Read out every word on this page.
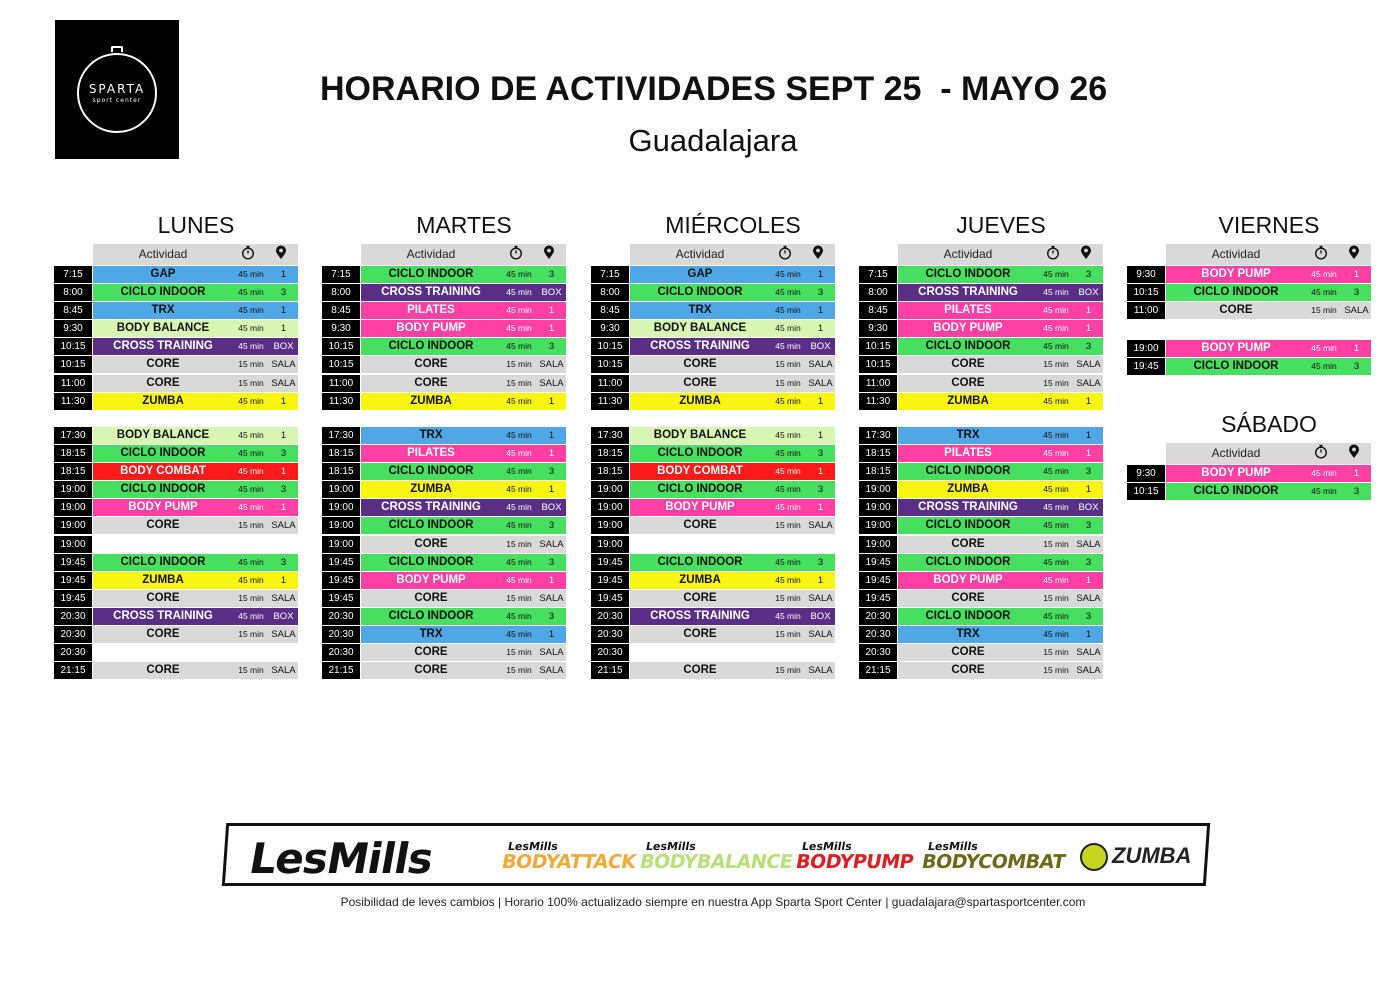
SPARTA
sport center	HORARIO DE ACTIVIDADES SEPT 25  - MAYO 26
Guadalajara
LUNES
Actividad
7:15	GAP	45 min	1
8:00	CICLO INDOOR	45 min	3
8:45	TRX	45 min	1
9:30	BODY BALANCE	45 min	1
10:15	CROSS TRAINING	45 min	BOX
10:15	CORE	15 min SALA
11:00	CORE	15 min SALA
11:30	ZUMBA	45 min	1
17:30	BODY BALANCE	45 min	1
18:15	CICLO INDOOR	45 min	3
18:15	BODY COMBAT	45 min	1
19:00	CICLO INDOOR	45 min	3
19:00	BODY PUMP	45 min	1
19:00	CORE	15 min SALA
19:00
19:45	CICLO INDOOR	45 min	3
19:45	ZUMBA	45 min	1
19:45	CORE	15 min SALA
20:30	CROSS TRAINING	45 min	BOX
20:30	CORE	15 min SALA
20:30
21:15	CORE	15 min SALA
MARTES
Actividad
7:15	CICLO INDOOR	45 min	3
8:00	CROSS TRAINING	45 min	BOX
8:45	PILATES	45 min	1
9:30	BODY PUMP	45 min	1
10:15	CICLO INDOOR	45 min	3
10:15	CORE	15 min SALA
11:00	CORE	15 min SALA
11:30	ZUMBA	45 min	1
17:30	TRX	45 min	1
18:15	PILATES	45 min	1
18:15	CICLO INDOOR	45 min	3
19:00	ZUMBA	45 min	1
19:00	CROSS TRAINING	45 min	BOX
19:00	CICLO INDOOR	45 min	3
19:00	CORE	15 min SALA
19:45	CICLO INDOOR	45 min	3
19:45	BODY PUMP	45 min	1
19:45	CORE	15 min SALA
20:30	CICLO INDOOR	45 min	3
20:30	TRX	45 min	1
20:30	CORE	15 min SALA
21:15	CORE	15 min SALA
MIÉRCOLES
Actividad
7:15	GAP	45 min	1
8:00	CICLO INDOOR	45 min	3
8:45	TRX	45 min	1
9:30	BODY BALANCE	45 min	1
10:15	CROSS TRAINING	45 min	BOX
10:15	CORE	15 min SALA
11:00	CORE	15 min SALA
11:30	ZUMBA	45 min	1
17:30	BODY BALANCE	45 min	1
18:15	CICLO INDOOR	45 min	3
18:15	BODY COMBAT	45 min	1
19:00	CICLO INDOOR	45 min	3
19:00	BODY PUMP	45 min	1
19:00	CORE	15 min SALA
19:00
19:45	CICLO INDOOR	45 min	3
19:45	ZUMBA	45 min	1
19:45	CORE	15 min SALA
20:30	CROSS TRAINING	45 min	BOX
20:30	CORE	15 min SALA
20:30
21:15	CORE	15 min SALA
JUEVES
Actividad
7:15	CICLO INDOOR	45 min	3
8:00	CROSS TRAINING	45 min	BOX
8:45	PILATES	45 min	1
9:30	BODY PUMP	45 min	1
10:15	CICLO INDOOR	45 min	3
10:15	CORE	15 min SALA
11:00	CORE	15 min SALA
11:30	ZUMBA	45 min	1
17:30	TRX	45 min	1
18:15	PILATES	45 min	1
18:15	CICLO INDOOR	45 min	3
19:00	ZUMBA	45 min	1
19:00	CROSS TRAINING	45 min	BOX
19:00	CICLO INDOOR	45 min	3
19:00	CORE	15 min SALA
19:45	CICLO INDOOR	45 min	3
19:45	BODY PUMP	45 min	1
19:45	CORE	15 min SALA
20:30	CICLO INDOOR	45 min	3
20:30	TRX	45 min	1
20:30	CORE	15 min SALA
21:15	CORE	15 min SALA
VIERNES
Actividad
9:30	BODY PUMP	45 min	1
10:15	CICLO INDOOR	45 min	3
11:00	CORE	15 min SALA
19:00	BODY PUMP	45 min	1
19:45	CICLO INDOOR	45 min	3
SÁBADO
Actividad
9:30	BODY PUMP	45 min	1
10:15	CICLO INDOOR	45 min	3
LesMills	LesMills
BODYATTACK
LesMills
BODYBALANCE
LesMills
BODYPUMP
LesMills
BODYCOMBAT ZUMBA
Posibilidad de leves cambios | Horario 100% actualizado siempre en nuestra App Sparta Sport Center | guadalajara@spartasportcenter.com
